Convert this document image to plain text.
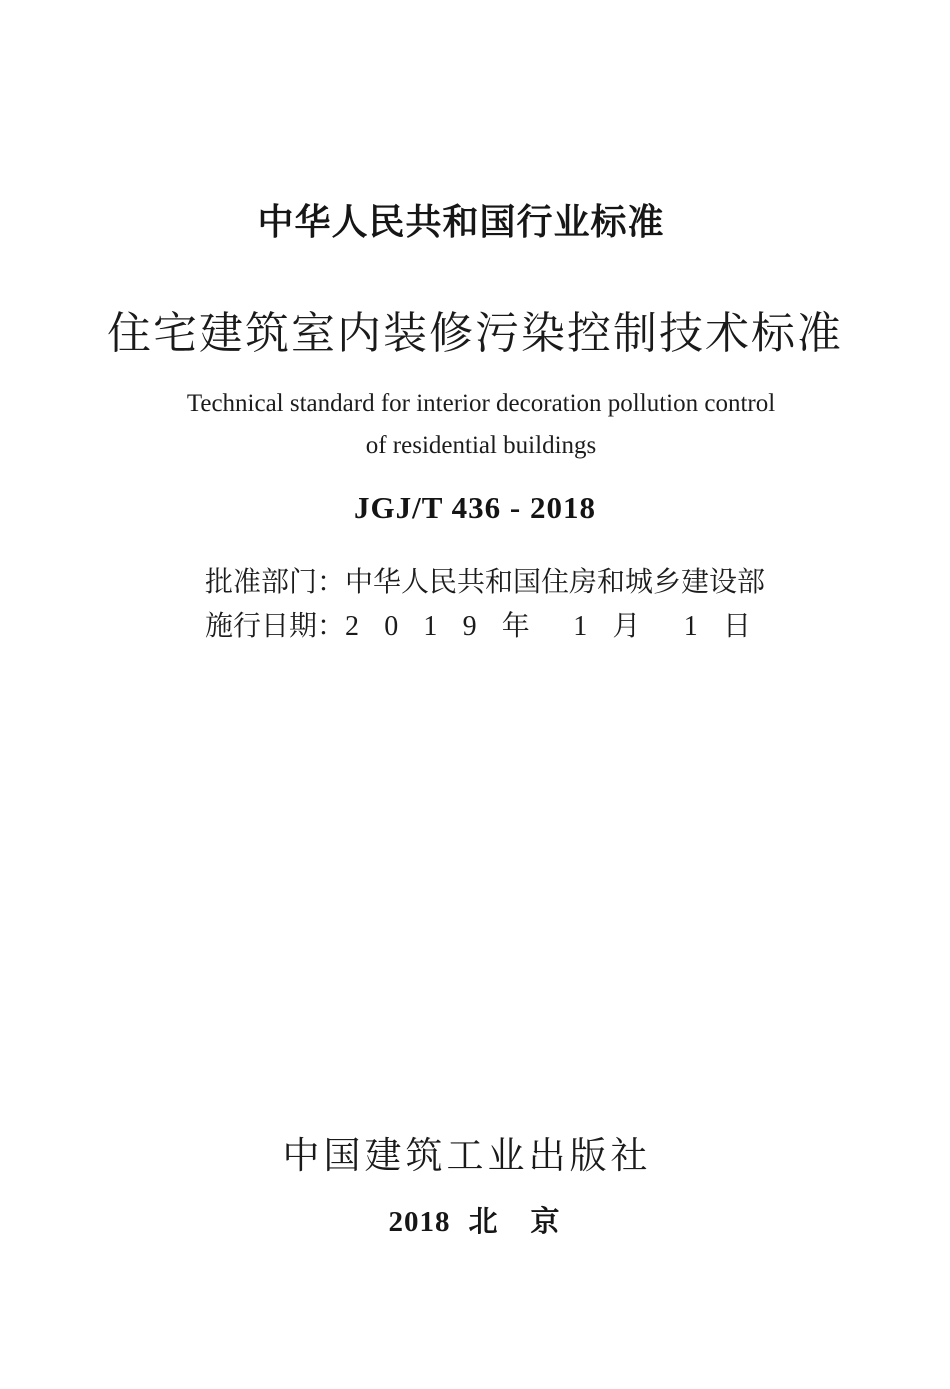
中华人民共和国行业标准
住宅建筑室内装修污染控制技术标准
Technical standard for interior decoration pollution control
of residential buildings
JGJ/T 436 - 2018
批准部门： 中华人民共和国住房和城乡建设部
施行日期： 2 0 1 9 年 1 月 1 日
中国建筑工业出版社
2018 北　京
